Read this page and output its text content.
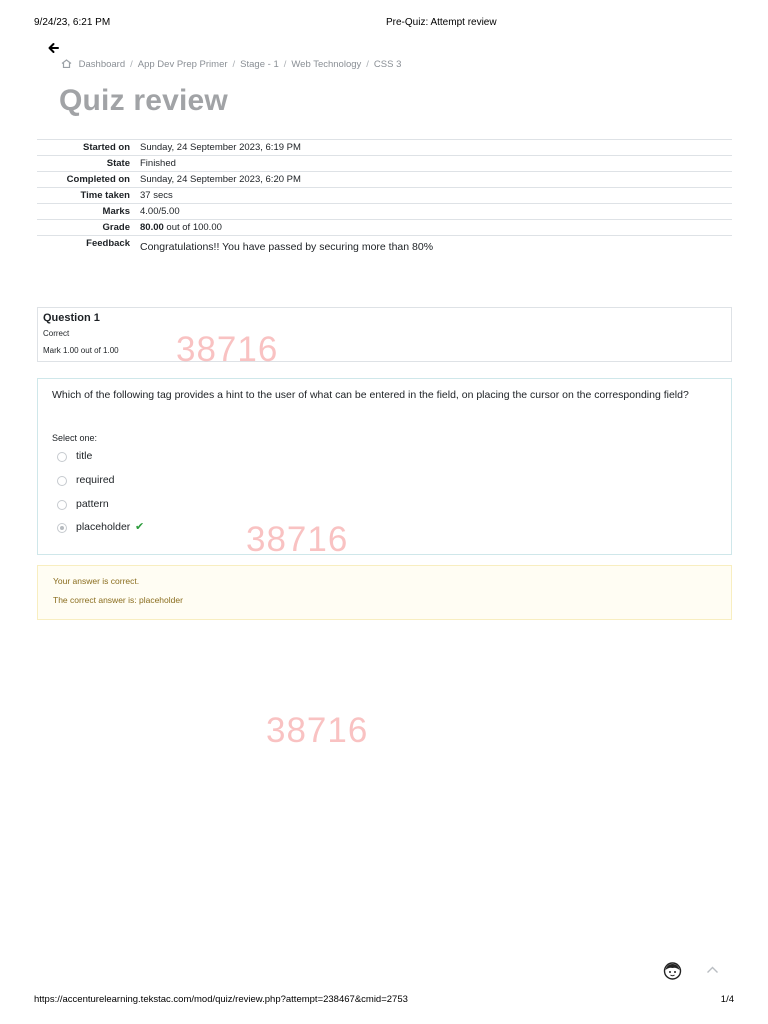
9/24/23, 6:21 PM	Pre-Quiz: Attempt review
Dashboard / App Dev Prep Primer / Stage - 1 / Web Technology / CSS 3
Quiz review
Started on	Sunday, 24 September 2023, 6:19 PM
State	Finished
Completed on	Sunday, 24 September 2023, 6:20 PM
Time taken	37 secs
Marks	4.00/5.00
Grade	80.00 out of 100.00
Feedback	Congratulations!! You have passed by securing more than 80%
Question 1
Correct
Mark 1.00 out of 1.00
Which of the following tag provides a hint to the user of what can be entered in the field, on placing the cursor on the corresponding field?
Select one:
title
required
pattern
placeholder ✔
Your answer is correct.
The correct answer is: placeholder
38716
38716
38716
https://accenturelearning.tekstac.com/mod/quiz/review.php?attempt=238467&cmid=2753	1/4
